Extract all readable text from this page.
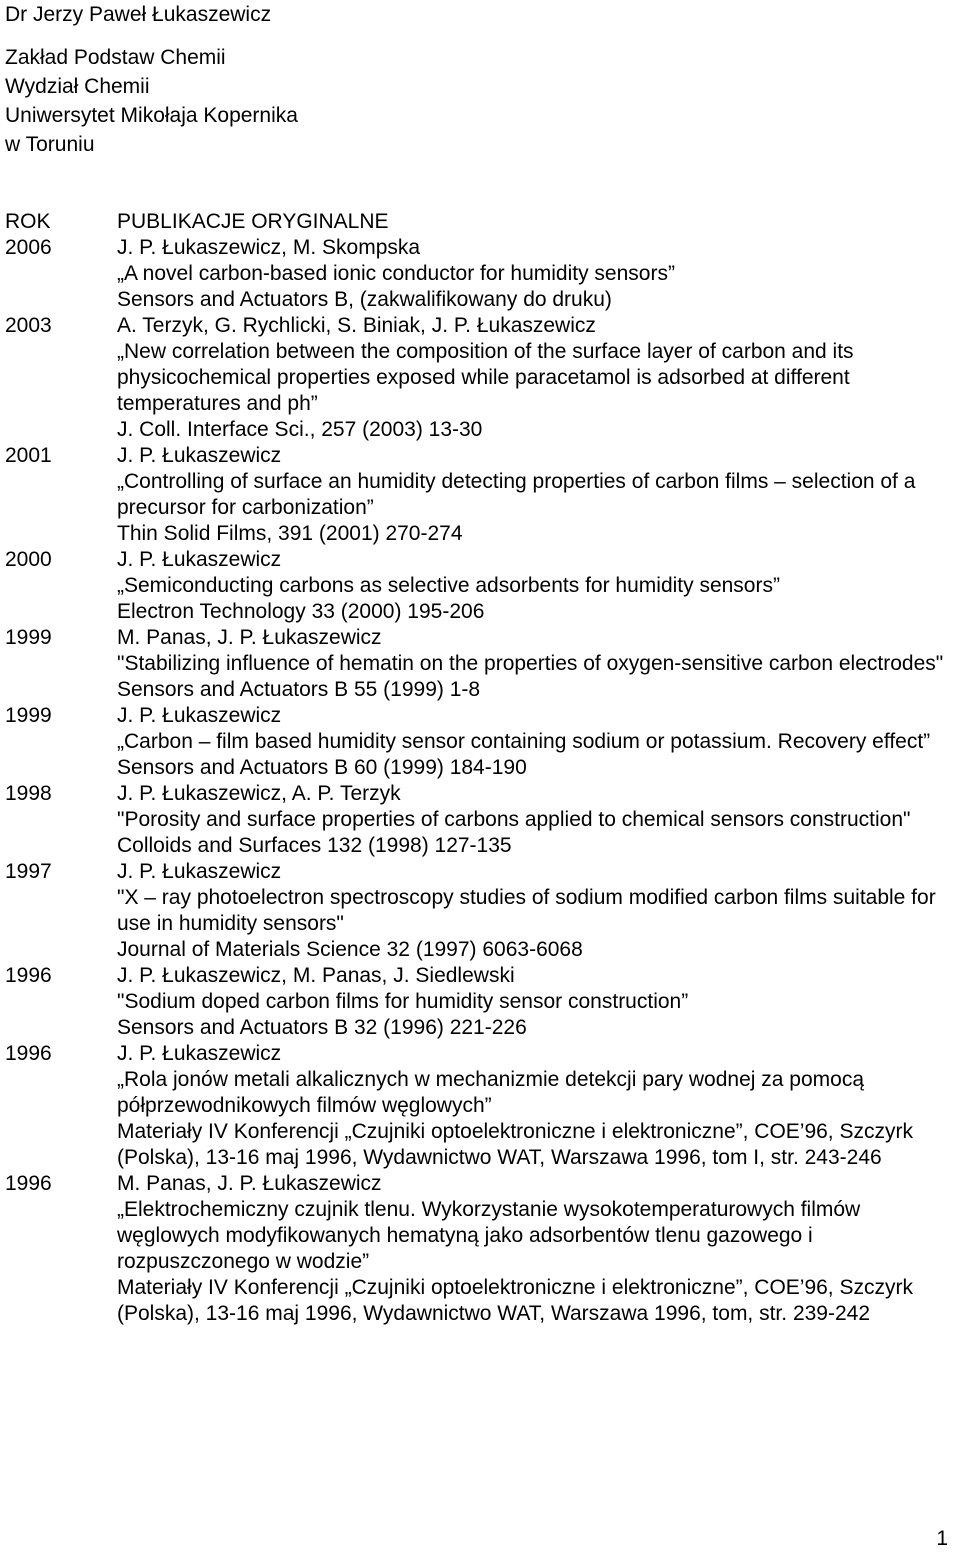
Dr Jerzy Paweł Łukaszewicz
Zakład Podstaw Chemii
Wydział Chemii
Uniwersytet Mikołaja Kopernika
w Toruniu
ROK	PUBLIKACJE ORYGINALNE
2006	J. P. Łukaszewicz, M. Skompska
„A novel carbon-based ionic conductor for humidity sensors”
Sensors and Actuators B, (zakwalifikowany do druku)
2003	A. Terzyk, G. Rychlicki, S. Biniak, J. P. Łukaszewicz
„New correlation between the composition of the surface layer of carbon and its physicochemical properties exposed while paracetamol is adsorbed at different temperatures and ph”
J. Coll. Interface Sci., 257 (2003) 13-30
2001	J. P. Łukaszewicz
„Controlling of surface an humidity detecting properties of carbon films – selection of a precursor for carbonization”
Thin Solid Films, 391 (2001) 270-274
2000	J. P. Łukaszewicz
„Semiconducting carbons as selective adsorbents for humidity sensors”
Electron Technology 33 (2000) 195-206
1999	M. Panas, J. P. Łukaszewicz
"Stabilizing influence of hematin on the properties of oxygen-sensitive carbon electrodes"
Sensors and Actuators B 55 (1999) 1-8
1999	J. P. Łukaszewicz
„Carbon – film based humidity sensor containing sodium or potassium. Recovery effect”
Sensors and Actuators B 60 (1999) 184-190
1998	J. P. Łukaszewicz, A. P. Terzyk
"Porosity and surface properties of carbons applied to chemical sensors construction"
Colloids and Surfaces 132 (1998) 127-135
1997	J. P. Łukaszewicz
"X – ray photoelectron spectroscopy studies of sodium modified carbon films suitable for use in humidity sensors"
Journal of Materials Science 32 (1997) 6063-6068
1996	J. P. Łukaszewicz, M. Panas, J. Siedlewski
"Sodium doped carbon films for humidity sensor construction”
Sensors and Actuators B 32 (1996) 221-226
1996	J. P. Łukaszewicz
„Rola jonów metali alkalicznych w mechanizmie detekcji pary wodnej za pomocą półprzewodnikowych filmów węglowych”
Materiały IV Konferencji „Czujniki optoelektroniczne i elektroniczne”, COE’96, Szczyrk (Polska), 13-16 maj 1996, Wydawnictwo WAT, Warszawa 1996, tom I, str. 243-246
1996	M. Panas, J. P. Łukaszewicz
„Elektrochemiczny czujnik tlenu. Wykorzystanie wysokotemperaturowych filmów węglowych modyfikowanych hematyną jako adsorbentów tlenu gazowego i rozpuszczonego w wodzie”
Materiały IV Konferencji „Czujniki optoelektroniczne i elektroniczne”, COE’96, Szczyrk (Polska), 13-16 maj 1996, Wydawnictwo WAT, Warszawa 1996, tom, str. 239-242
1
